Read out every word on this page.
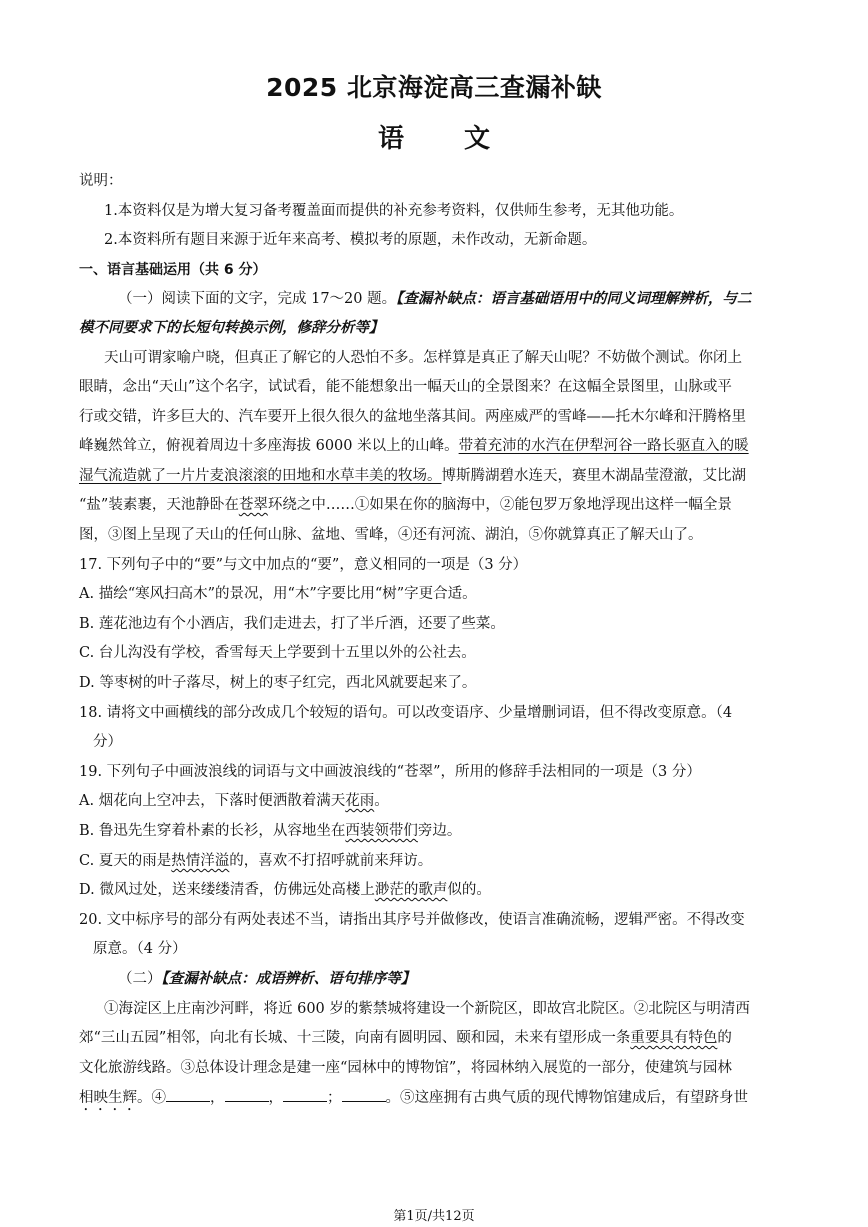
2025 北京海淀高三查漏补缺
语文
说明：
1.本资料仅是为增大复习备考覆盖面而提供的补充参考资料，仅供师生参考，无其他功能。
2.本资料所有题目来源于近年来高考、模拟考的原题，未作改动，无新命题。
一、语言基础运用（共 6 分）
（一）阅读下面的文字，完成 17～20 题。【查漏补缺点：语言基础语用中的同义词理解辨析，与二
模不同要求下的长短句转换示例，修辞分析等】
天山可谓家喻户晓，但真正了解它的人恐怕不多。怎样算是真正了解天山呢？不妨做个测试。你闭上
眼睛，念出“天山”这个名字，试试看，能不能想象出一幅天山的全景图来？在这幅全景图里，山脉或平
行或交错，许多巨大的、汽车要开上很久很久的盆地坐落其间。两座威严的雪峰——托木尔峰和汗腾格里
峰巍然耸立，俯视着周边十多座海拔 6000 米以上的山峰。带着充沛的水汽在伊犁河谷一路长驱直入的暖
湿气流造就了一片片麦浪滚滚的田地和水草丰美的牧场。博斯腾湖碧水连天，赛里木湖晶莹澄澈，艾比湖
“盐”装素裹，天池静卧在苍翠环绕之中……①如果在你的脑海中，②能包罗万象地浮现出这样一幅全景
图，③图上呈现了天山的任何山脉、盆地、雪峰，④还有河流、湖泊，⑤你就算真正了解天山了。
17. 下列句子中的“要”与文中加点的“要”，意义相同的一项是（3 分）
A. 描绘“寒风扫高木”的景况，用“木”字要比用“树”字更合适。
B. 莲花池边有个小酒店，我们走进去，打了半斤酒，还要了些菜。
C. 台儿沟没有学校，香雪每天上学要到十五里以外的公社去。
D. 等枣树的叶子落尽，树上的枣子红完，西北风就要起来了。
18. 请将文中画横线的部分改成几个较短的语句。可以改变语序、少量增删词语，但不得改变原意。（4
分）
19. 下列句子中画波浪线的词语与文中画波浪线的“苍翠”，所用的修辞手法相同的一项是（3 分）
A. 烟花向上空冲去，下落时便洒散着满天花雨。
B. 鲁迅先生穿着朴素的长衫，从容地坐在西装领带们旁边。
C. 夏天的雨是热情洋溢的，喜欢不打招呼就前来拜访。
D. 微风过处，送来缕缕清香，仿佛远处高楼上渺茫的歌声似的。
20. 文中标序号的部分有两处表述不当，请指出其序号并做修改，使语言准确流畅，逻辑严密。不得改变
原意。（4 分）
（二）【查漏补缺点：成语辨析、语句排序等】
①海淀区上庄南沙河畔，将近 600 岁的紫禁城将建设一个新院区，即故宫北院区。②北院区与明清西
郊“三山五园”相邻，向北有长城、十三陵，向南有圆明园、颐和园，未来有望形成一条重要具有特色的
文化旅游线路。③总体设计理念是建一座“园林中的博物馆”，将园林纳入展览的一部分，使建筑与园林
相映生辉。④	，	，	；	。⑤这座拥有古典气质的现代博物馆建成后，有望跻身世
第1页/共12页
